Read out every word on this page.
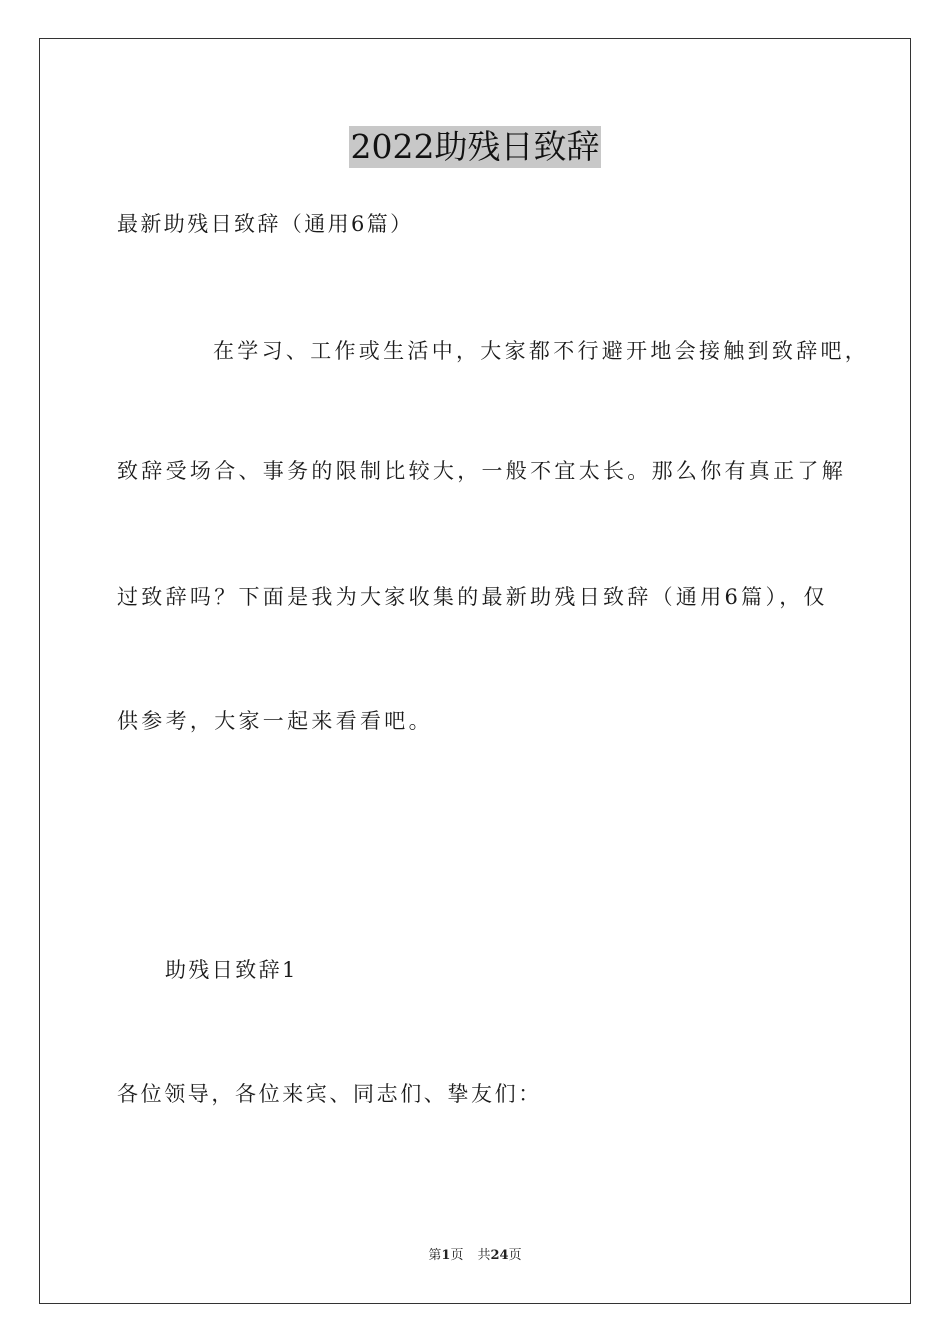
2022助残日致辞
最新助残日致辞（通用6篇）
在学习、工作或生活中，大家都不行避开地会接触到致辞吧，
致辞受场合、事务的限制比较大，一般不宜太长。那么你有真正了解
过致辞吗？下面是我为大家收集的最新助残日致辞（通用6篇），仅
供参考，大家一起来看看吧。
助残日致辞1
各位领导，各位来宾、同志们、挚友们：
第1页 共24页
